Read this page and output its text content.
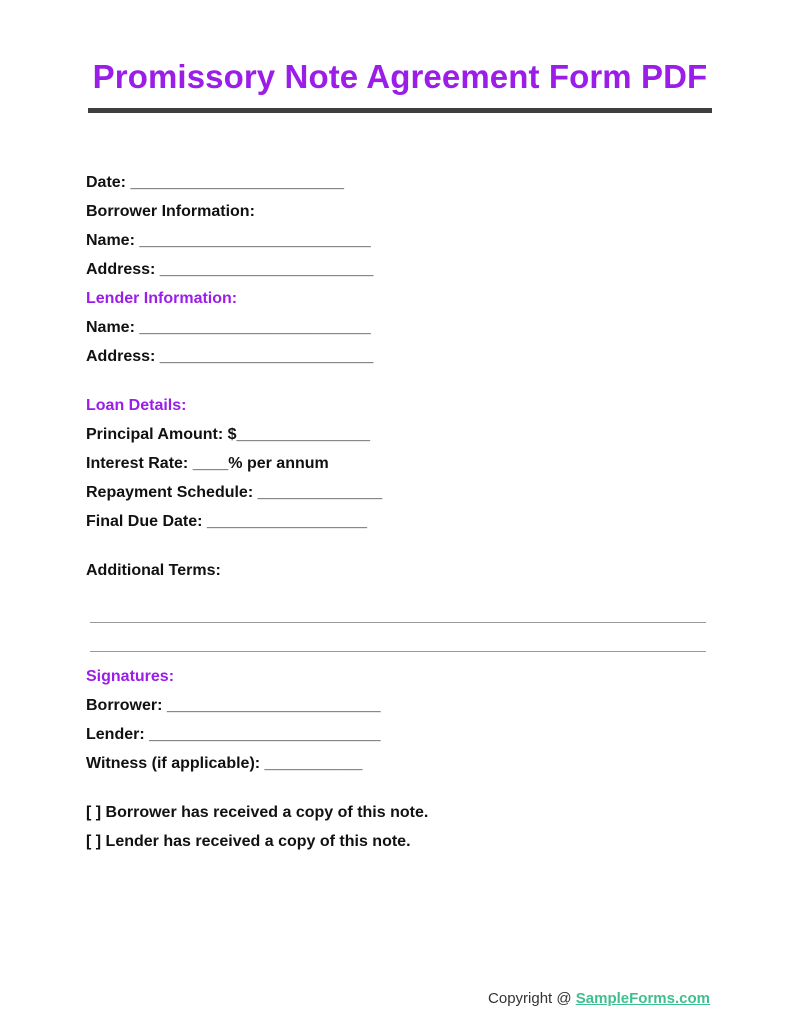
Promissory Note Agreement Form PDF
Date: ________________________
Borrower Information:
Name: __________________________
Address: ________________________
Lender Information:
Name: __________________________
Address: ________________________
Loan Details:
Principal Amount: $_______________
Interest Rate: ____% per annum
Repayment Schedule: ______________
Final Due Date: __________________
Additional Terms:
Signatures:
Borrower: ________________________
Lender: __________________________
Witness (if applicable): ___________
[ ] Borrower has received a copy of this note.
[ ] Lender has received a copy of this note.
Copyright @ SampleForms.com
